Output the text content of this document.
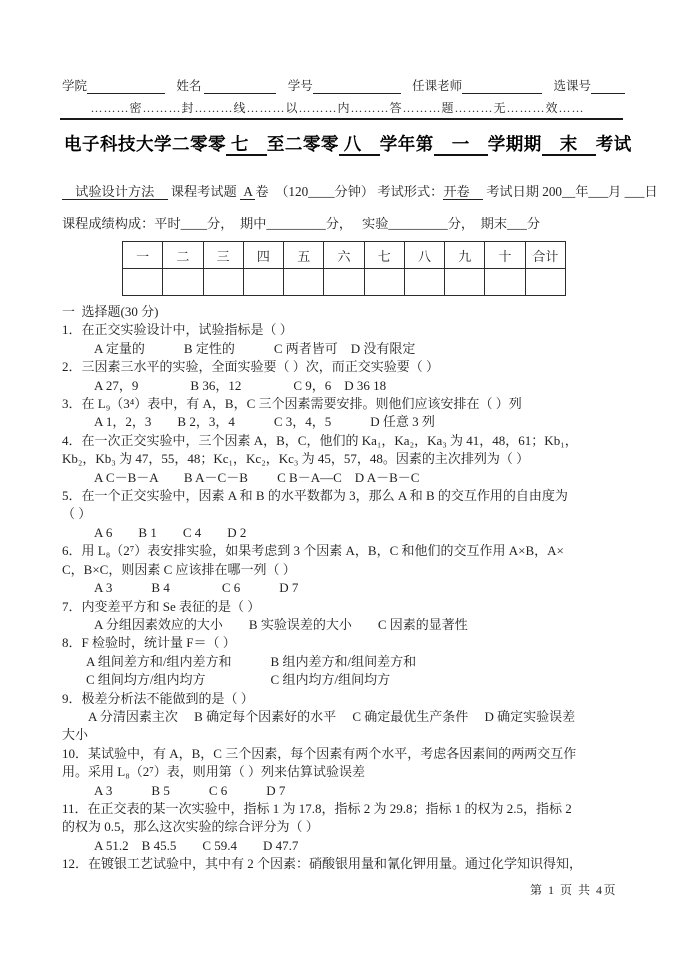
学院	姓名	学号	任课老师	选课号
………密………封………线………以………内………答………题………无………效……
电子科技大学二零零 七　至二零零 八　学年第　一　学期期　末　考试
　试验设计方法　 课程考试题  A 卷　（120____分钟） 考试形式：开卷　 考试日期 200__年___月 ___日
课程成绩构成：平时____分，　期中_________分，　 实验_________分，　期末___分
一	二	三	四	五	六	七	八	九	十	合计

一  选择题(30 分)
1．在正交实验设计中，试验指标是（ ）
A 定量的　　　B 定性的　　　C 两者皆可　D 没有限定
2．三因素三水平的实验，全面实验要（ ）次，而正交实验要（ ）
A 27，9　　　　B 36，12　　　　C 9，6　D 36 18
3．在 L₉（3⁴）表中，有 A，B，C 三个因素需要安排。则他们应该安排在（ ）列
A 1，2，3　　B 2，3，4　　　C 3，4，5　　　D 任意 3 列
4．在一次正交实验中，三个因素 A，B，C，他们的 Ka₁，Ka₂，Ka₃ 为 41，48，61；Kb₁，
Kb₂，Kb₃ 为 47，55，48；Kc₁，Kc₂，Kc₃ 为 45，57，48。因素的主次排列为（ ）
A C－B－A　　B A－C－B　　 C B－A—C　D A－B－C
5．在一个正交实验中，因素 A 和 B 的水平数都为 3，那么 A 和 B 的交互作用的自由度为
（ ）
A 6　　B 1　　C 4　　D 2
6．用 L₈（2⁷）表安排实验，如果考虑到 3 个因素 A，B，C 和他们的交互作用 A×B，A×
C，B×C，则因素 C 应该排在哪一列（ ）
A 3　　　B 4　　　　C 6　　　D 7
7．内变差平方和 Se 表征的是（ ）
A 分组因素效应的大小　　B 实验误差的大小　　C 因素的显著性
8．F 检验时，统计量 F＝（ ）
A 组间差方和/组内差方和　　　B 组内差方和/组间差方和
C 组间均方/组内均方　　　　　C 组内均方/组间均方
9．极差分析法不能做到的是（ ）
A 分清因素主次　 B 确定每个因素好的水平　 C 确定最优生产条件　 D 确定实验误差
大小
10．某试验中，有 A，B，C 三个因素，每个因素有两个水平，考虑各因素间的两两交互作
用。采用 L₈（2⁷）表，则用第（ ）列来估算试验误差
A 3　　　B 5　　　C 6　　　D 7
11．在正交表的某一次实验中，指标 1 为 17.8，指标 2 为 29.8；指标 1 的权为 2.5，指标 2
的权为 0.5，那么这次实验的综合评分为（ ）
A 51.2　B 45.5　　C 59.4　　D 47.7
12．在镀银工艺试验中，其中有 2 个因素：硝酸银用量和氰化钾用量。通过化学知识得知，
第 1 页 共 4页
